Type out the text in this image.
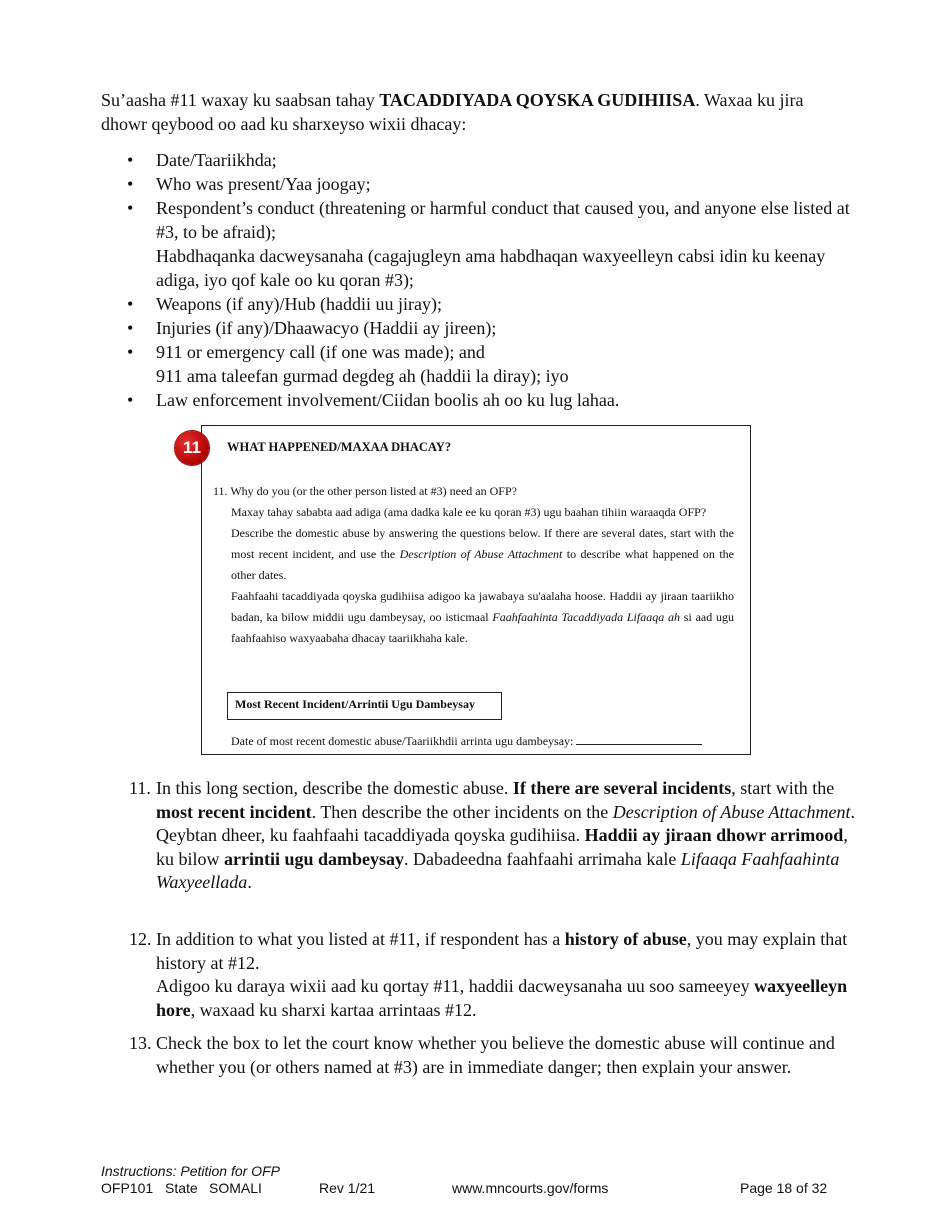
Su’aasha #11 waxay ku saabsan tahay TACADDIYADA QOYSKA GUDIHIISA. Waxaa ku jira dhowr qeybood oo aad ku sharxeyso wixii dhacay:

• Date/Taariikhda;
• Who was present/Yaa joogay;
• Respondent’s conduct (threatening or harmful conduct that caused you, and anyone else listed at #3, to be afraid);
Habdhaqanka dacweysanaha (cagajugleyn ama habdhaqan waxyeelleyn cabsi idin ku keenay adiga, iyo qof kale oo ku qoran #3);
• Weapons (if any)/Hub (haddii uu jiray);
• Injuries (if any)/Dhaawacyo (Haddii ay jireen);
• 911 or emergency call (if one was made); and
911 ama taleefan gurmad degdeg ah (haddii la diray); iyo
• Law enforcement involvement/Ciidan boolis ah oo ku lug lahaa.
11	WHAT HAPPENED/MAXAA DHACAY?

11. Why do you (or the other person listed at #3) need an OFP?

Maxay tahay sababta aad adiga (ama dadka kale ee ku qoran #3) ugu baahan tihiin waraaqda OFP?

Describe the domestic abuse by answering the questions below. If there are several dates, start with the most recent incident, and use the Description of Abuse Attachment to describe what happened on the other dates.

Faahfaahi tacaddiyada qoyska gudihiisa adigoo ka jawabaya su'aalaha hoose. Haddii ay jiraan taariikho badan, ka bilow middii ugu dambeysay, oo isticmaal Faahfaahinta Tacaddiyada Lifaaqa ah si aad ugu faahfaahiso waxyaabaha dhacay taariikhaha kale.

Most Recent Incident/Arrintii Ugu Dambeysay
Date of most recent domestic abuse/Taariikhdii arrinta ugu dambeysay:
11. In this long section, describe the domestic abuse. If there are several incidents, start with the most recent incident. Then describe the other incidents on the Description of Abuse Attachment.

Qeybtan dheer, ku faahfaahi tacaddiyada qoyska gudihiisa. Haddii ay jiraan dhowr arrimood, ku bilow arrintii ugu dambeysay. Dabadeedna faahfaahi arrimaha kale Lifaaqa Faahfaahinta Waxyeellada.

12. In addition to what you listed at #11, if respondent has a history of abuse, you may explain that history at #12.

Adigoo ku daraya wixii aad ku qortay #11, haddii dacweysanaha uu soo sameeyey waxyeelleyn hore, waxaad ku sharxi kartaa arrintaas #12.

13. Check the box to let the court know whether you believe the domestic abuse will continue and whether you (or others named at #3) are in immediate danger; then explain your answer.

Instructions: Petition for OFP
OFP101 State SOMALI	Rev 1/21	www.mncourts.gov/forms	Page 18 of 32
